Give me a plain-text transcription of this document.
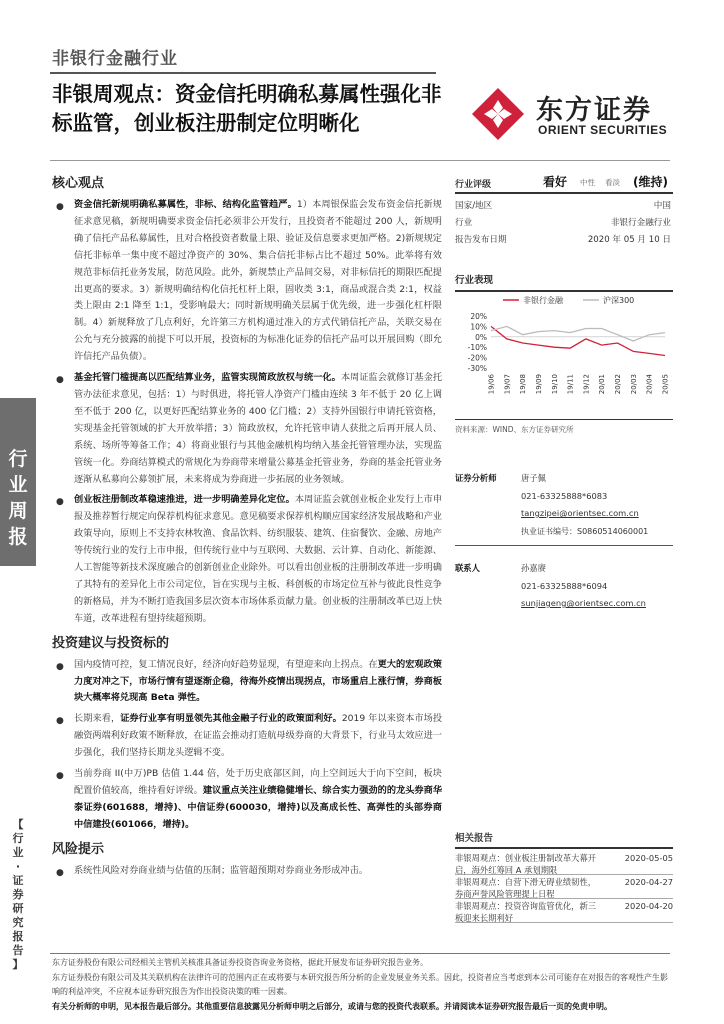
非银行金融行业
非银周观点：资金信托明确私募属性强化非标监管，创业板注册制定位明晰化	东方证券
ORIENT SECURITIES
核心观点
● 资金信托新规明确私募属性，非标、结构化监管趋严。1）本周银保监会发布资金信托新规征求意见稿，新规明确要求资金信托必须非公开发行，且投资者不能超过 200 人，新规明确了信托产品私募属性，且对合格投资者数量上限、验证及信息要求更加严格。2)新规规定信托非标单一集中度不超过净资产的 30%、集合信托非标占比不超过 50%。此举将有效规范非标信托业务发展，防范风险。此外，新规禁止产品间交易，对非标信托的期限匹配提出更高的要求。3）新规明确结构化信托杠杆上限，固收类 3:1，商品或混合类 2:1，权益类上限由 2:1 降至 1:1，受影响最大；同时新规明确关层属于优先级，进一步强化杠杆限制。4）新规释放了几点利好，允许第三方机构通过准入的方式代销信托产品，关联交易在公允与充分披露的前提下可以开展，投资标的为标准化证券的信托产品可以开展回购（即允许信托产品负债）。
● 基金托管门槛提高以匹配结算业务，监管实现简政放权与统一化。本周证监会就修订基金托管办法征求意见，包括：1）与时俱进，将托管人净资产门槛由连续 3 年不低于 20 亿上调至不低于 200 亿，以更好匹配结算业务的 400 亿门槛；2）支持外国银行申请托管资格，实现基金托管领域的扩大开放举措；3）简政放权，允许托管申请人获批之后再开展人员、系统、场所等筹备工作；4）将商业银行与其他金融机构均纳入基金托管管理办法，实现监管统一化。券商结算模式的常规化为券商带来增量公募基金托管业务，券商的基金托管业务逐渐从私募向公募领扩展，未来将成为券商进一步拓展的业务领域。
● 创业板注册制改革稳速推进，进一步明确差异化定位。本周证监会就创业板企业发行上市申报及推荐暂行规定向保荐机构征求意见。意见稿要求保荐机构顺应国家经济发展战略和产业政策导向，原则上不支持农林牧渔、食品饮料、纺织服装、建筑、住宿餐饮、金融、房地产等传统行业的发行上市申报，但传统行业中与互联网、大数据、云计算、自动化、新能源、人工智能等新技术深度融合的创新创业企业除外。可以看出创业板的注册制改革进一步明确了其特有的差异化上市公司定位，旨在实现与主板、科创板的市场定位互补与彼此良性竞争的新格局，并为不断打造我国多层次资本市场体系贡献力量。创业板的注册制改革已迈上快车道，改革进程有望持续超预期。
投资建议与投资标的
● 国内疫情可控，复工情况良好，经济向好趋势显现，有望迎来向上拐点。在更大的宏观政策力度对冲之下，市场行情有望逐渐企稳，待海外疫情出现拐点，市场重启上涨行情，券商板块大概率将兑现高 Beta 弹性。
● 长期来看，证券行业享有明显领先其他金融子行业的政策面利好。2019 年以来资本市场投融资两端利好政策不断释放，在证监会推动打造航母级券商的大背景下，行业马太效应进一步强化，我们坚持长期龙头逻辑不变。
● 当前券商 II(中万)PB 估值 1.44 倍，处于历史底部区间，向上空间远大于向下空间，板块配置价值较高，维持看好评级。建议重点关注业绩稳健增长、综合实力强劲的的龙头券商华泰证券(601688，增持)、中信证券(600030，增持)以及高成长性、高弹性的头部券商中信建投(601066，增持)。
风险提示
● 系统性风险对券商业绩与估值的压制；监管超预期对券商业务形成冲击。
行业评级	看好 中性 看淡 (维持)
国家/地区	中国
行业	非银行金融行业
报告发布日期	2020 年 05 月 10 日
行业表现
非银行金融	沪深300
20%
10%
0%
-10%
-20%
-30%
19/06 19/07 19/08 19/09 19/10 19/11 19/12 20/01 20/02 20/03 20/04 20/05
资料来源：WIND、东方证券研究所
证券分析师	唐子佩
021-63325888*6083
tangzipei@orientsec.com.cn
执业证书编号：S0860514060001
联系人	孙嘉赓
021-63325888*6094
sunjiageng@orientsec.com.cn
行
业
周
报
【
行
业
·
证
券
研
究
报
告
】
相关报告
非银周观点：创业板注册制改革大幕开启，海外红筹回 A 承划期限
2020-05-05
非银周观点：自营下滑无碍业绩韧性，券商声誉风险管理提上日程
2020-04-27
非银周观点：投资咨询监管优化，新三板迎来长期利好
2020-04-20
东方证券股份有限公司经相关主管机关核准具备证券投资咨询业务资格，据此开展发布证券研究报告业务。
东方证券股份有限公司及其关联机构在法律许可的范围内正在或将要与本研究报告所分析的企业发展业务关系。因此，投资者应当考虑到本公司可能存在对报告的客观性产生影响的利益冲突，不应视本证券研究报告为作出投资决策的唯一因素。
有关分析师的申明，见本报告最后部分。其他重要信息披露见分析师申明之后部分，或请与您的投资代表联系。并请阅读本证券研究报告最后一页的免责申明。
